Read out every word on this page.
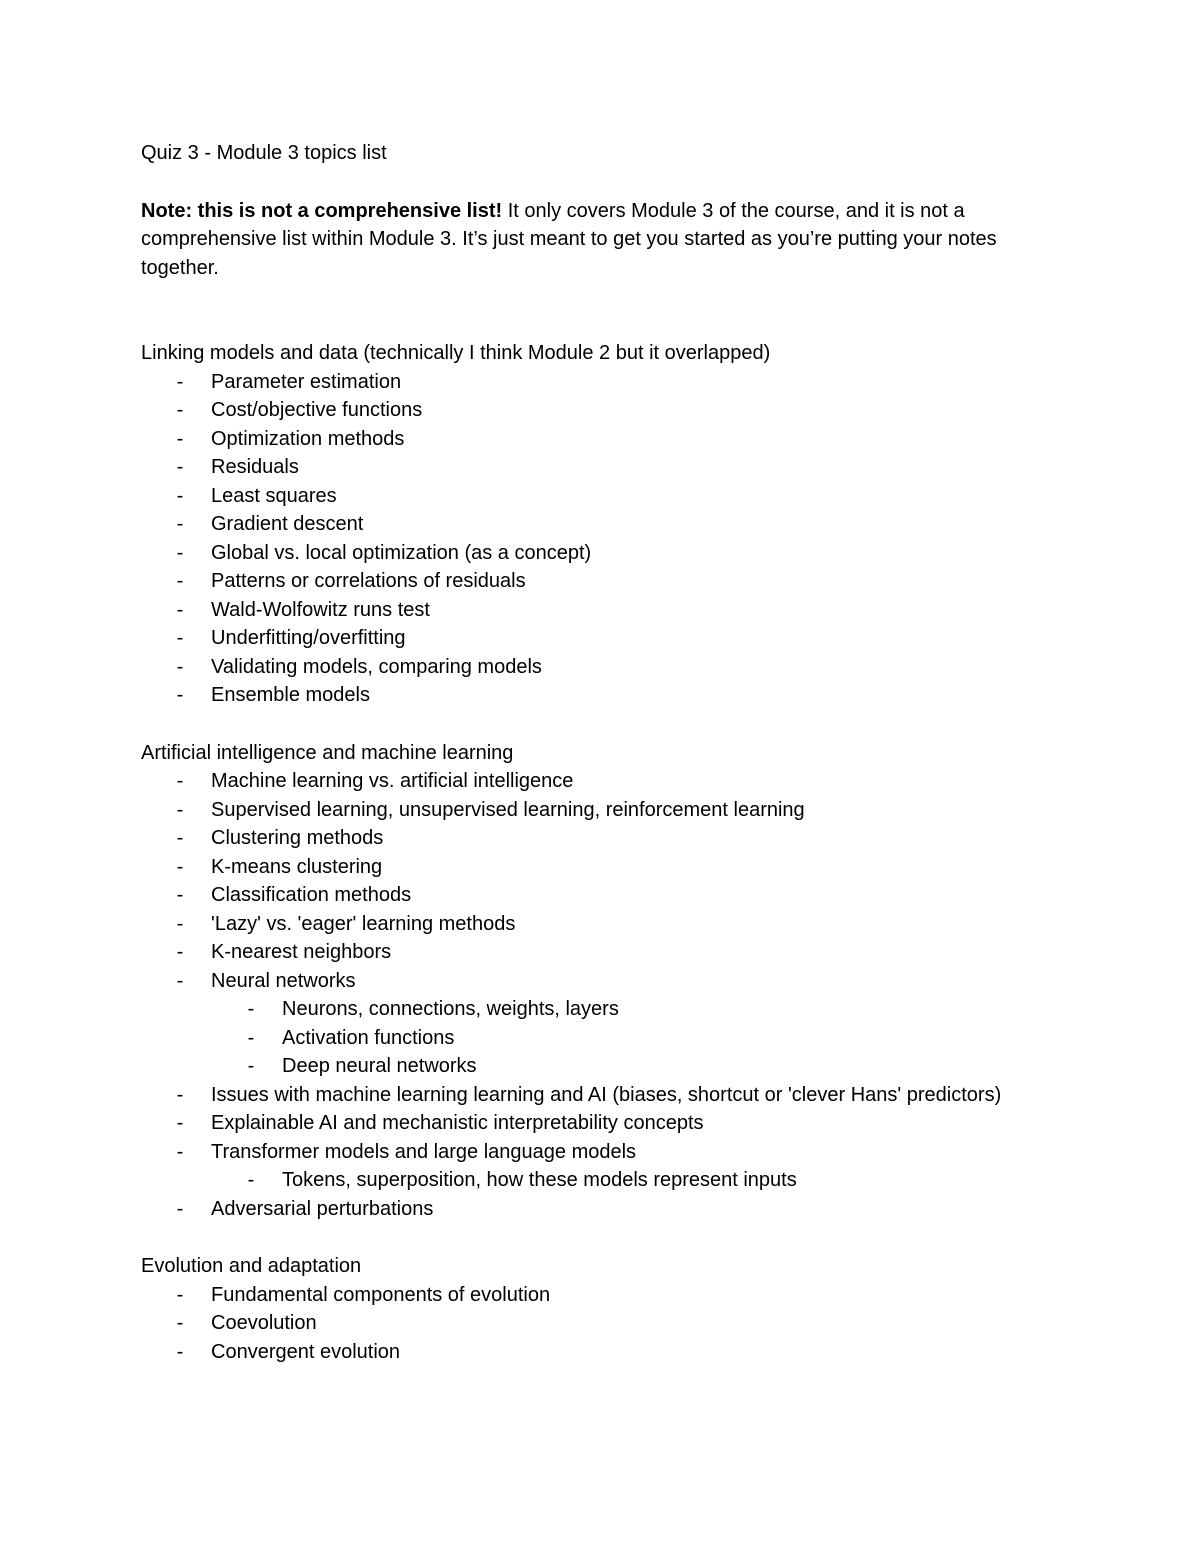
Quiz 3 - Module 3 topics list

Note: this is not a comprehensive list! It only covers Module 3 of the course, and it is not a comprehensive list within Module 3. It’s just meant to get you started as you’re putting your notes together.

Linking models and data (technically I think Module 2 but it overlapped)

-	Parameter estimation
-	Cost/objective functions
-	Optimization methods
-	Residuals
-	Least squares
-	Gradient descent
-	Global vs. local optimization (as a concept)
-	Patterns or correlations of residuals
-	Wald-Wolfowitz runs test
-	Underfitting/overfitting
-	Validating models, comparing models
-	Ensemble models

Artificial intelligence and machine learning

-	Machine learning vs. artificial intelligence
-	Supervised learning, unsupervised learning, reinforcement learning
-	Clustering methods
-	K-means clustering
-	Classification methods
-	'Lazy' vs. 'eager' learning methods
-	K-nearest neighbors
-	Neural networks
-	Neurons, connections, weights, layers
-	Activation functions
-	Deep neural networks
-	Issues with machine learning learning and AI (biases, shortcut or 'clever Hans' predictors)
-	Explainable AI and mechanistic interpretability concepts
-	Transformer models and large language models
-	Tokens, superposition, how these models represent inputs
-	Adversarial perturbations

Evolution and adaptation

-	Fundamental components of evolution
-	Coevolution
-	Convergent evolution
